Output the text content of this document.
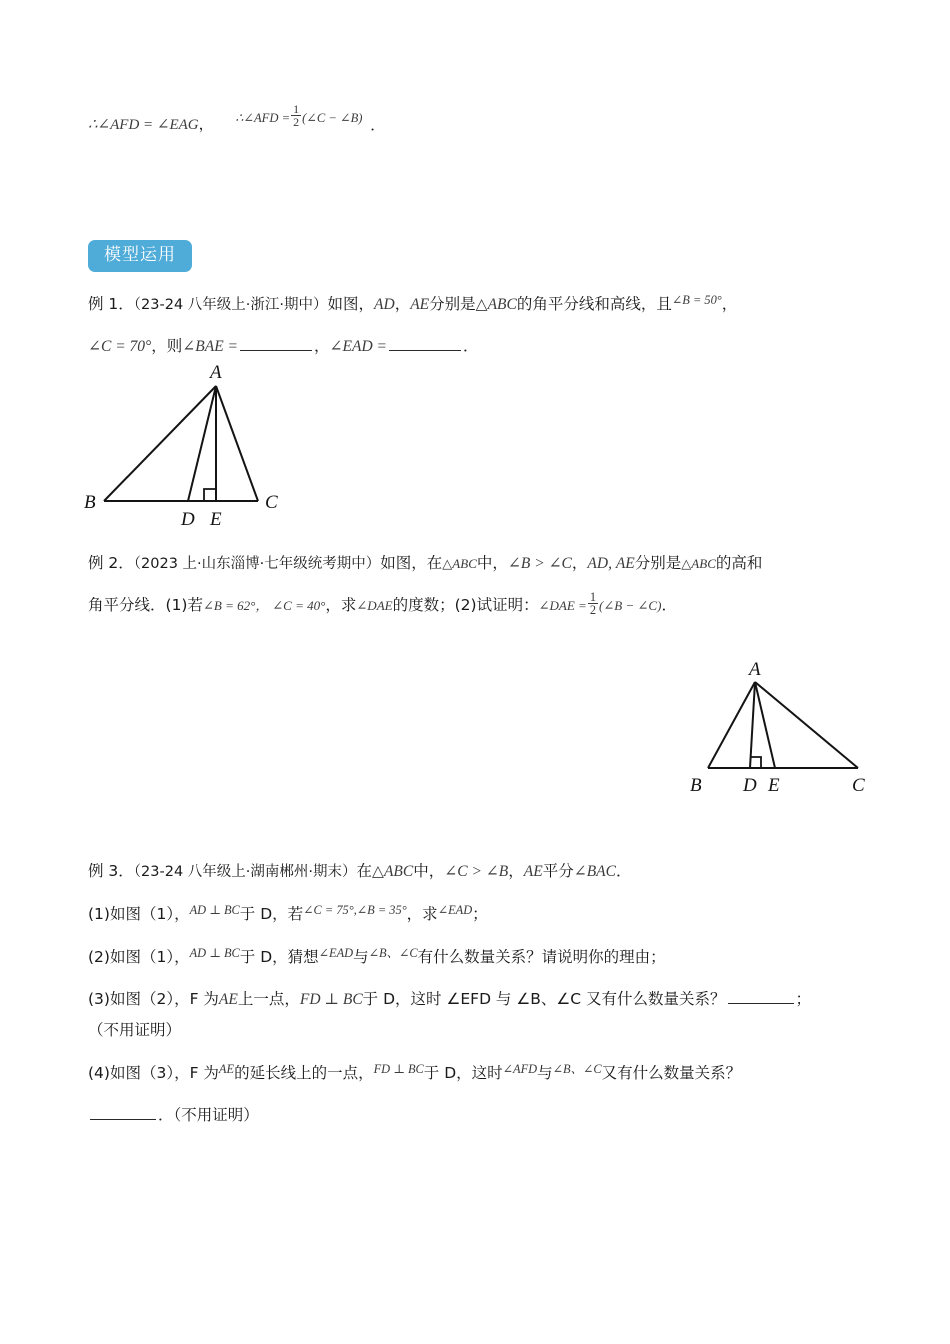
∴∠AFD = ∠EAG， ∴∠AFD = $\frac{1}{2}$ (∠C − ∠B) ．
模型运用
例 1．（23-24 八年级上·浙江·期中）如图，AD，AE分别是△ABC的角平分线和高线，且∠B = 50°，
∠C = 70°，则∠BAE =	，∠EAD =	．
A
B
D E
C
例 2．（2023 上·山东淄博·七年级统考期中）如图，在△ABC中，∠B > ∠C，AD, AE分别是△ABC的高和
角平分线．(1)若∠B = 62°， ∠C = 40°，求∠DAE的度数；(2)试证明：∠DAE = $\frac{1}{2}$ (∠B − ∠C)．
A
B D E	C
例 3．（23-24 八年级上·湖南郴州·期末）在△ABC中，∠C > ∠B，AE平分∠BAC．
(1)如图（1），AD ⊥ BC于 D，若∠C = 75°,∠B = 35°，求∠EAD；
(2)如图（1），AD ⊥ BC于 D，猜想∠EAD与∠B、∠C有什么数量关系？请说明你的理由；
(3)如图（2），F 为AE上一点，FD ⊥ BC于 D，这时 ∠EFD 与 ∠B、∠C 又有什么数量关系？	；
（不用证明）
(4)如图（3），F 为AE的延长线上的一点，FD ⊥ BC于 D，这时∠AFD与∠B、∠C又有什么数量关系？
．（不用证明）
